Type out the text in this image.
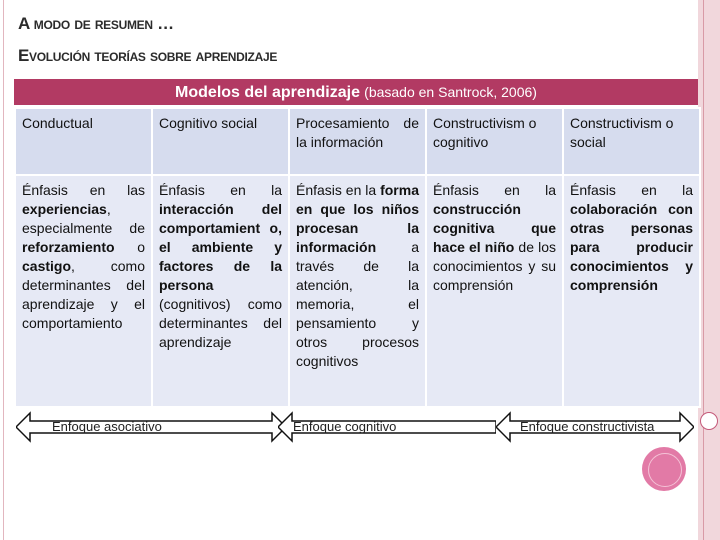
A modo de resumen …
Evolución teorías sobre aprendizaje
Modelos del aprendizaje (basado en Santrock, 2006)
Conductual	Cognitivo social	Procesamiento de la información	Constructivism o cognitivo	Constructivism o social
Énfasis en las experiencias, especialmente de reforzamiento o castigo, como determinantes del aprendizaje y el comportamiento	Énfasis en la interacción del comportamient o, el ambiente y factores de la persona (cognitivos) como determinantes del aprendizaje	Énfasis en la forma en que los niños procesan la información a través de la atención, la memoria, el pensamiento y otros procesos cognitivos	Énfasis en la construcción cognitiva que hace el niño de los conocimientos y su comprensión	Énfasis en la colaboración con otras personas para producir conocimientos y comprensión
Enfoque asociativo	Enfoque cognitivo	Enfoque constructivista
